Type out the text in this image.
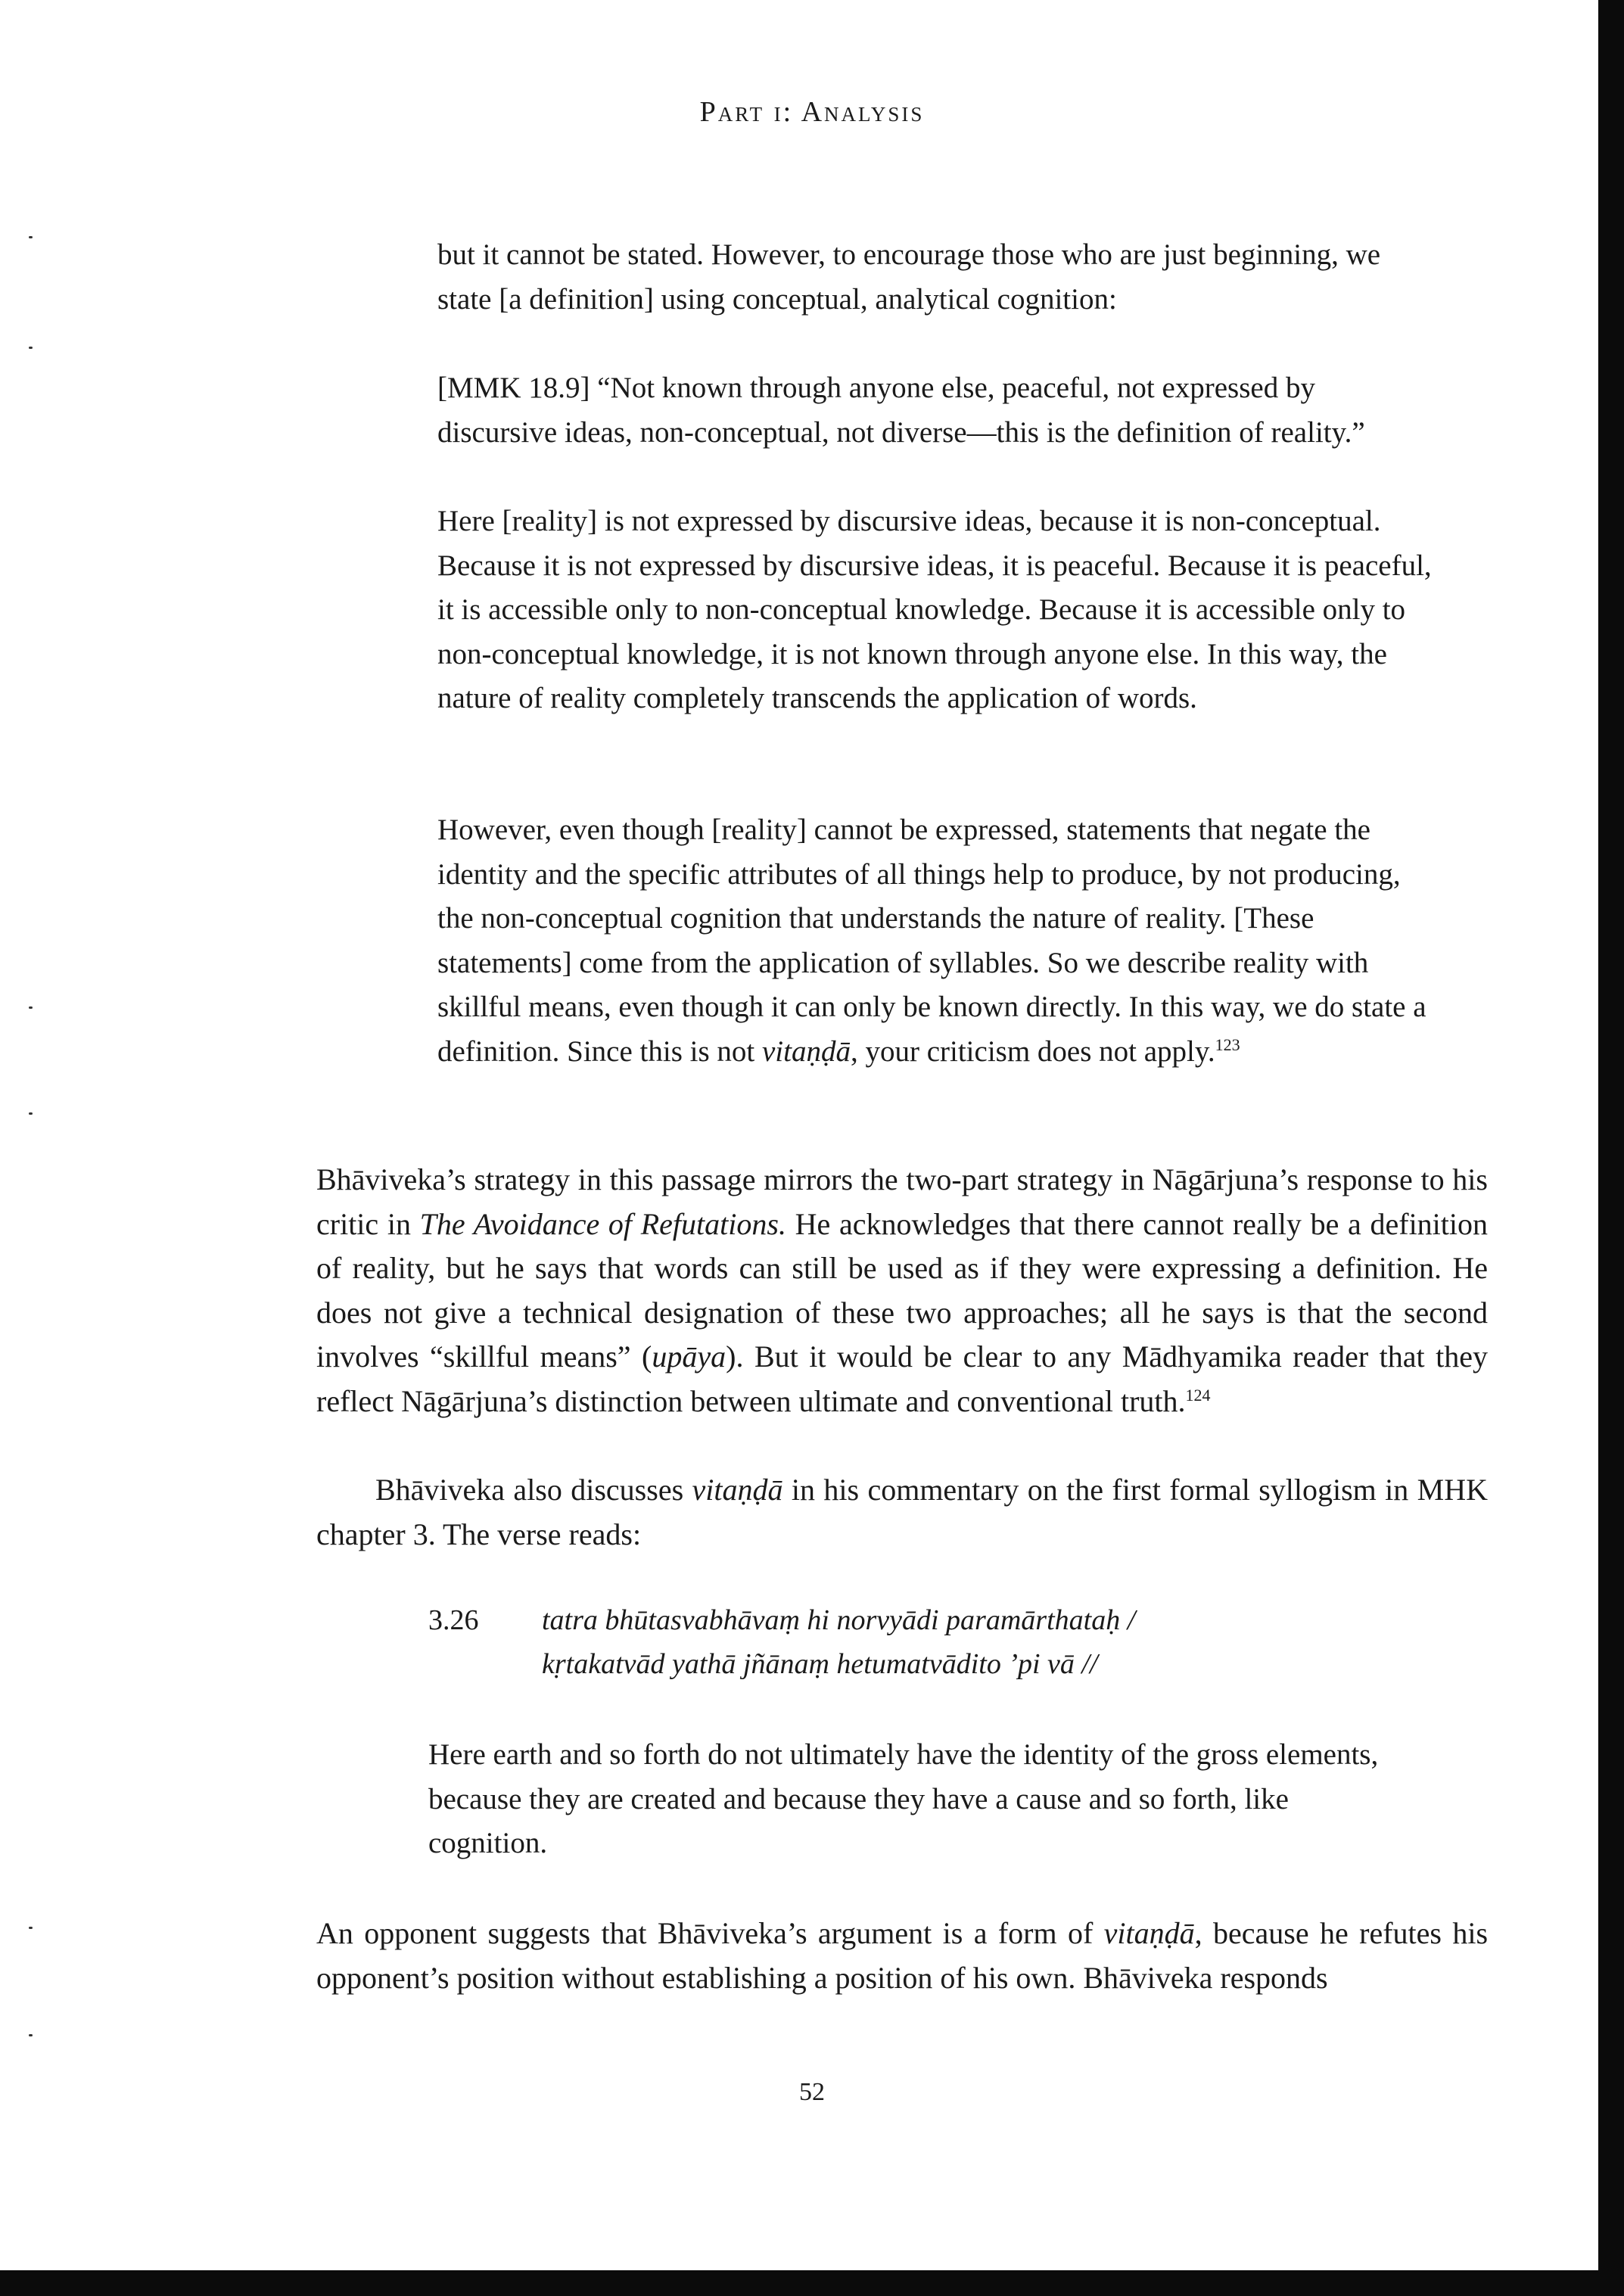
Part i: Analysis

but it cannot be stated. However, to encourage those who are just beginning, we state [a definition] using conceptual, analytical cognition:

[MMK 18.9] “Not known through anyone else, peaceful, not expressed by discursive ideas, non-conceptual, not diverse—this is the definition of reality.”

Here [reality] is not expressed by discursive ideas, because it is non-conceptual. Because it is not expressed by discursive ideas, it is peaceful. Because it is peaceful, it is accessible only to non-conceptual knowledge. Because it is accessible only to non-conceptual knowledge, it is not known through anyone else. In this way, the nature of reality completely transcends the application of words.

However, even though [reality] cannot be expressed, statements that negate the identity and the specific attributes of all things help to produce, by not producing, the non-conceptual cognition that understands the nature of reality. [These statements] come from the application of syllables. So we describe reality with skillful means, even though it can only be known directly. In this way, we do state a definition. Since this is not vitaṇḍā, your criticism does not apply.$^{123}$

Bhāviveka’s strategy in this passage mirrors the two-part strategy in Nāgārjuna’s response to his critic in The Avoidance of Refutations. He acknowledges that there cannot really be a definition of reality, but he says that words can still be used as if they were expressing a definition. He does not give a technical designation of these two approaches; all he says is that the second involves “skillful means” (upāya). But it would be clear to any Mādhyamika reader that they reflect Nāgārjuna’s distinction between ultimate and conventional truth.$^{124}$

Bhāviveka also discusses vitaṇḍā in his commentary on the first formal syllogism in MHK chapter 3. The verse reads:

3.26 tatra bhūtasvabhāvaṃ hi norvyādi paramārthataḥ /
kṛtakatvād yathā jñānaṃ hetumatvādito ’pi vā //

Here earth and so forth do not ultimately have the identity of the gross elements, because they are created and because they have a cause and so forth, like cognition.

An opponent suggests that Bhāviveka’s argument is a form of vitaṇḍā, because he refutes his opponent’s position without establishing a position of his own. Bhāviveka responds

52
